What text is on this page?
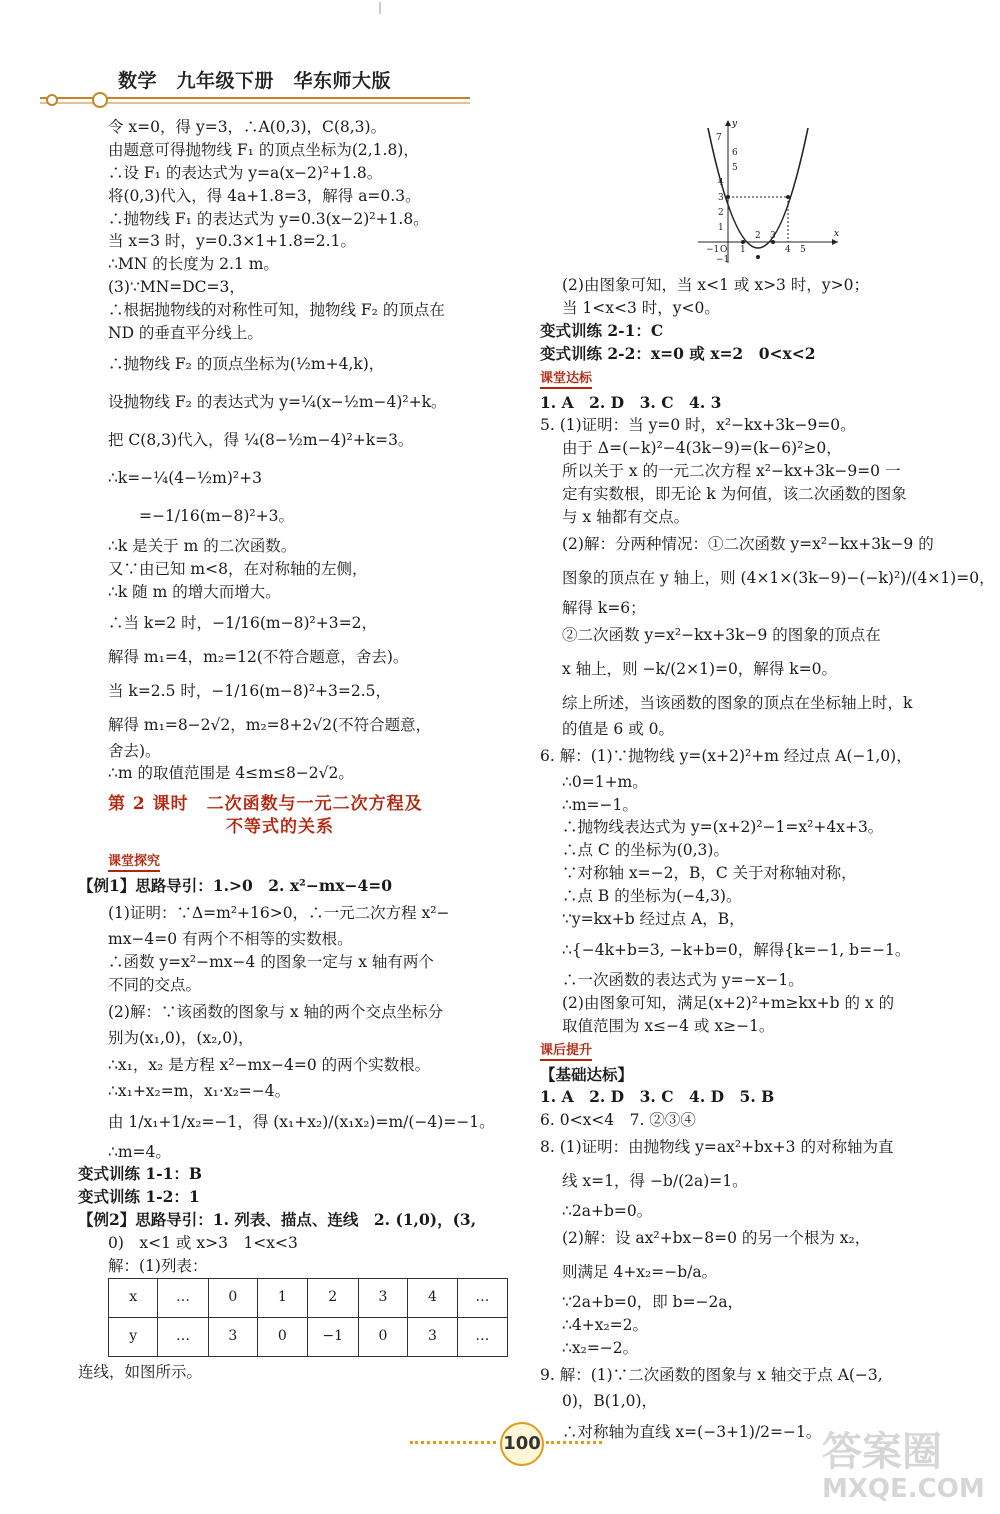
数学　九年级下册　华东师大版
令 x=0，得 y=3，∴A(0,3)，C(8,3)。
由题意可得抛物线 F₁ 的顶点坐标为(2,1.8)，
∴设 F₁ 的表达式为 y=a(x−2)²+1.8。
将(0,3)代入，得 4a+1.8=3，解得 a=0.3。
∴抛物线 F₁ 的表达式为 y=0.3(x−2)²+1.8。
当 x=3 时，y=0.3×1+1.8=2.1。
∴MN 的长度为 2.1 m。
(3)∵MN=DC=3，
∴根据抛物线的对称性可知，抛物线 F₂ 的顶点在
ND 的垂直平分线上。
∴抛物线 F₂ 的顶点坐标为(½m+4,k)，
设抛物线 F₂ 的表达式为 y=¼(x−½m−4)²+k。
把 C(8,3)代入，得 ¼(8−½m−4)²+k=3。
∴k=−¼(4−½m)²+3
　　=−1/16(m−8)²+3。
∴k 是关于 m 的二次函数。
又∵由已知 m<8，在对称轴的左侧，
∴k 随 m 的增大而增大。
∴当 k=2 时，−1/16(m−8)²+3=2，
解得 m₁=4，m₂=12(不符合题意，舍去)。
当 k=2.5 时，−1/16(m−8)²+3=2.5，
解得 m₁=8−2√2，m₂=8+2√2(不符合题意，
舍去)。
∴m 的取值范围是 4≤m≤8−2√2。
第 2 课时　二次函数与一元二次方程及
不等式的关系
课堂探究
【例1】思路导引：1.>0　2. x²−mx−4=0
(1)证明：∵Δ=m²+16>0，∴一元二次方程 x²−
mx−4=0 有两个不相等的实数根。
∴函数 y=x²−mx−4 的图象一定与 x 轴有两个
不同的交点。
(2)解：∵该函数的图象与 x 轴的两个交点坐标分
别为(x₁,0)，(x₂,0)，
∴x₁，x₂ 是方程 x²−mx−4=0 的两个实数根。
∴x₁+x₂=m，x₁·x₂=−4。
由 1/x₁+1/x₂=−1，得 (x₁+x₂)/(x₁x₂)=m/(−4)=−1。
∴m=4。
变式训练 1-1：B
变式训练 1-2：1
【例2】思路导引：1. 列表、描点、连线　2. (1,0)，(3,
0)　x<1 或 x>3　1<x<3
解：(1)列表：
x	…	0	1	2	3	4	…
y	…	3	0	−1	0	3	…
连线，如图所示。
x
y
−1 O 1
2 3
4 5
7
6
5
4
3
2
1
−1
(2)由图象可知，当 x<1 或 x>3 时，y>0；
当 1<x<3 时，y<0。
变式训练 2-1：C
变式训练 2-2：x=0 或 x=2　0<x<2
课堂达标
1. A　2. D　3. C　4. 3
5. (1)证明：当 y=0 时，x²−kx+3k−9=0。
由于 Δ=(−k)²−4(3k−9)=(k−6)²≥0，
所以关于 x 的一元二次方程 x²−kx+3k−9=0 一
定有实数根，即无论 k 为何值，该二次函数的图象
与 x 轴都有交点。
(2)解：分两种情况：①二次函数 y=x²−kx+3k−9 的
图象的顶点在 y 轴上，则 (4×1×(3k−9)−(−k)²)/(4×1)=0，
解得 k=6；
②二次函数 y=x²−kx+3k−9 的图象的顶点在
x 轴上，则 −k/(2×1)=0，解得 k=0。
综上所述，当该函数的图象的顶点在坐标轴上时，k
的值是 6 或 0。
6. 解：(1)∵抛物线 y=(x+2)²+m 经过点 A(−1,0)，
∴0=1+m。
∴m=−1。
∴抛物线表达式为 y=(x+2)²−1=x²+4x+3。
∴点 C 的坐标为(0,3)。
∵对称轴 x=−2，B，C 关于对称轴对称，
∴点 B 的坐标为(−4,3)。
∵y=kx+b 经过点 A，B，
∴{−4k+b=3, −k+b=0，解得{k=−1, b=−1。
∴一次函数的表达式为 y=−x−1。
(2)由图象可知，满足(x+2)²+m≥kx+b 的 x 的
取值范围为 x≤−4 或 x≥−1。
课后提升
【基础达标】
1. A　2. D　3. C　4. D　5. B
6. 0<x<4　7. ②③④
8. (1)证明：由抛物线 y=ax²+bx+3 的对称轴为直
线 x=1，得 −b/(2a)=1。
∴2a+b=0。
(2)解：设 ax²+bx−8=0 的另一个根为 x₂，
则满足 4+x₂=−b/a。
∵2a+b=0，即 b=−2a，
∴4+x₂=2。
∴x₂=−2。
9. 解：(1)∵二次函数的图象与 x 轴交于点 A(−3,
0)，B(1,0)，
∴对称轴为直线 x=(−3+1)/2=−1。
100	答案圈
MXQE.COM
